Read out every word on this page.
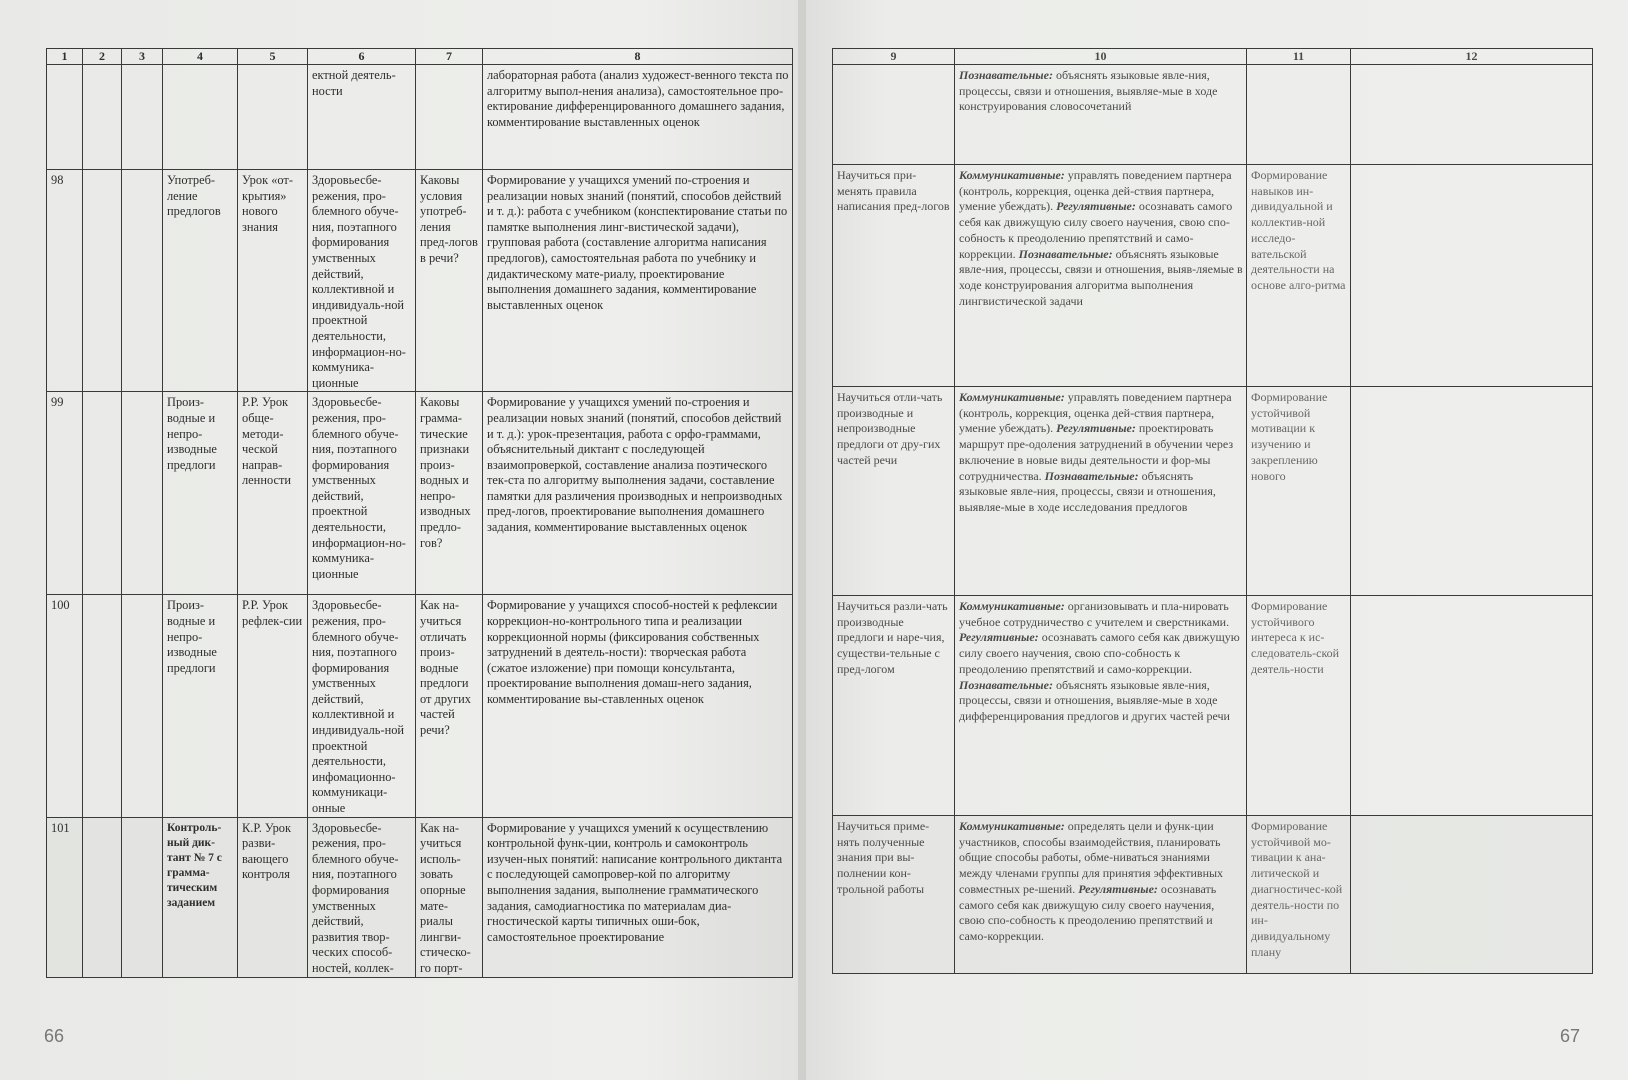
1	2	3	4	5	6	7	8
					ектной деятель-ности		лабораторная работа (анализ художест-венного текста по алгоритму выпол-нения анализа), самостоятельное про-ектирование дифференцированного домашнего задания, комментирование выставленных оценок
98			Употреб-ление предлогов	Урок «от-крытия» нового знания	Здоровьесбе-режения, про-блемного обуче-ния, поэтапного формирования умственных действий, коллективной и индивидуаль-ной проектной деятельности, информацион-но-коммуника-ционные	Каковы условия употреб-ления пред-логов в речи?	Формирование у учащихся умений по-строения и реализации новых знаний (понятий, способов действий и т. д.): работа с учебником (конспектирование статьи по памятке выполнения линг-вистической задачи), групповая работа (составление алгоритма написания предлогов), самостоятельная работа по учебнику и дидактическому мате-риалу, проектирование выполнения домашнего задания, комментирование выставленных оценок
99			Произ-водные и непро-изводные предлоги	Р.Р. Урок обще-методи-ческой направ-ленности	Здоровьесбе-режения, про-блемного обуче-ния, поэтапного формирования умственных действий, проектной деятельности, информацион-но-коммуника-ционные	Каковы грамма-тические признаки произ-водных и непро-изводных предло-гов?	Формирование у учащихся умений по-строения и реализации новых знаний (понятий, способов действий и т. д.): урок-презентация, работа с орфо-граммами, объяснительный диктант с последующей взаимопроверкой, составление анализа поэтического тек-ста по алгоритму выполнения задачи, составление памятки для различения производных и непроизводных пред-логов, проектирование выполнения домашнего задания, комментирование выставленных оценок
100			Произ-водные и непро-изводные предлоги	Р.Р. Урок рефлек-сии	Здоровьесбе-режения, про-блемного обуче-ния, поэтапного формирования умственных действий, коллективной и индивидуаль-ной проектной деятельности, инфомационно-коммуникаци-онные	Как на-учиться отличать произ-водные предлоги от других частей речи?	Формирование у учащихся способ-ностей к рефлексии коррекцион-но-контрольного типа и реализации коррекционной нормы (фиксирования собственных затруднений в деятель-ности): творческая работа (сжатое изложение) при помощи консультанта, проектирование выполнения домаш-него задания, комментирование вы-ставленных оценок
101			Контроль-ный дик-тант № 7 с грамма-тическим заданием	К.Р. Урок разви-вающего контроля	Здоровьесбе-режения, про-блемного обуче-ния, поэтапного формирования умственных действий, развития твор-ческих способ-ностей, коллек-	Как на-учиться исполь-зовать опорные мате-риалы лингви-стическо-го порт-	Формирование у учащихся умений к осуществлению контрольной функ-ции, контроль и самоконтроль изучен-ных понятий: написание контрольного диктанта с последующей самопровер-кой по алгоритму выполнения задания, выполнение грамматического задания, самодиагностика по материалам диа-гностической карты типичных оши-бок, самостоятельное проектирование
66
9	10	11	12
	Познавательные: объяснять языковые явле-ния, процессы, связи и отношения, выявляе-мые в ходе конструирования словосочетаний		
Научиться при-менять правила написания пред-логов	Коммуникативные: управлять поведением партнера (контроль, коррекция, оценка дей-ствия партнера, умение убеждать). Регулятивные: осознавать самого себя как движущую силу своего научения, свою спо-собность к преодолению препятствий и само-коррекции. Познавательные: объяснять языковые явле-ния, процессы, связи и отношения, выяв-ляемые в ходе конструирования алгоритма выполнения лингвистической задачи	Формирование навыков ин-дивидуальной и коллектив-ной исследо-вательской деятельности на основе алго-ритма	
Научиться отли-чать производные и непроизводные предлоги от дру-гих частей речи	Коммуникативные: управлять поведением партнера (контроль, коррекция, оценка дей-ствия партнера, умение убеждать). Регулятивные: проектировать маршрут пре-одоления затруднений в обучении через включение в новые виды деятельности и фор-мы сотрудничества. Познавательные: объяснять языковые явле-ния, процессы, связи и отношения, выявляе-мые в ходе исследования предлогов	Формирование устойчивой мотивации к изучению и закреплению нового	
Научиться разли-чать производные предлоги и наре-чия, существи-тельные с пред-логом	Коммуникативные: организовывать и пла-нировать учебное сотрудничество с учителем и сверстниками. Регулятивные: осознавать самого себя как движущую силу своего научения, свою спо-собность к преодолению препятствий и само-коррекции. Познавательные: объяснять языковые явле-ния, процессы, связи и отношения, выявляе-мые в ходе дифференцирования предлогов и других частей речи	Формирование устойчивого интереса к ис-следователь-ской деятель-ности	
Научиться приме-нять полученные знания при вы-полнении кон-трольной работы	Коммуникативные: определять цели и функ-ции участников, способы взаимодействия, планировать общие способы работы, обме-ниваться знаниями между членами группы для принятия эффективных совместных ре-шений. Регулятивные: осознавать самого себя как движущую силу своего научения, свою спо-собность к преодолению препятствий и само-коррекции.	Формирование устойчивой мо-тивации к ана-литической и диагностичес-кой деятель-ности по ин-дивидуальному плану	
67
